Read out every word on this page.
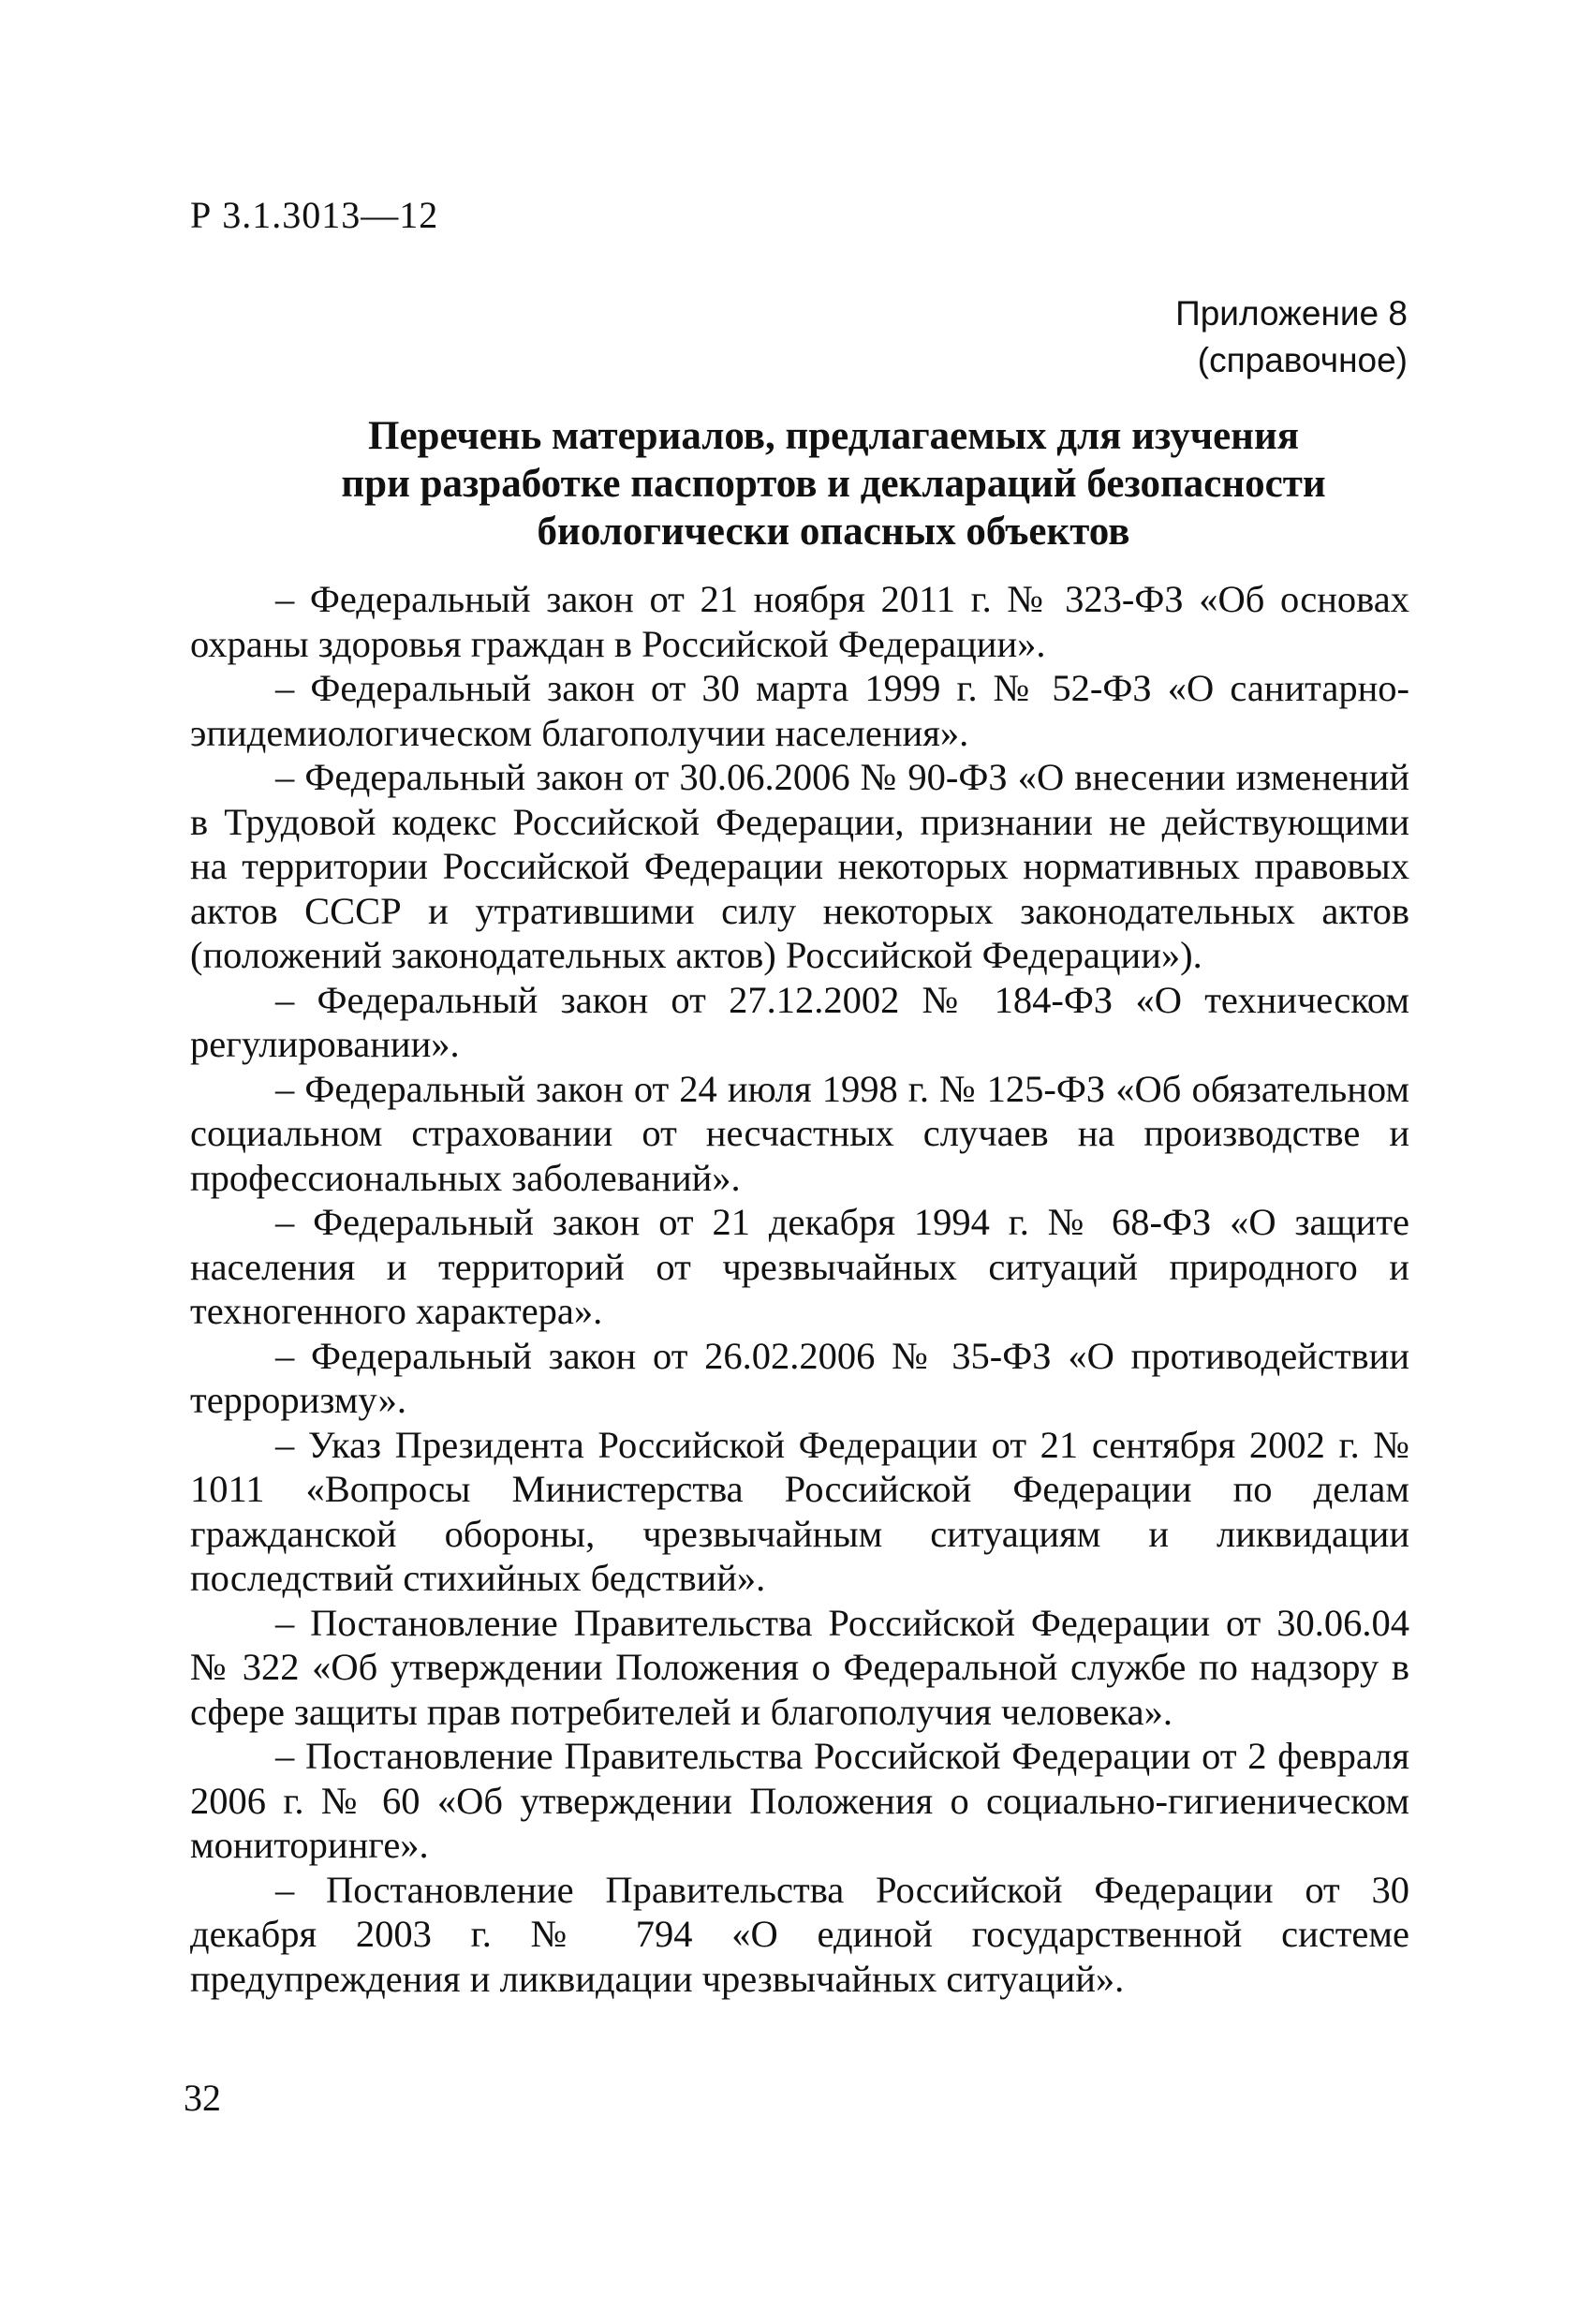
Р 3.1.3013—12
Приложение 8
(справочное)
Перечень материалов, предлагаемых для изучения
при разработке паспортов и деклараций безопасности
биологически опасных объектов
– Федеральный закон от 21 ноября 2011 г. № 323-ФЗ «Об основах охраны здоровья граждан в Российской Федерации».
– Федеральный закон от 30 марта 1999 г. № 52-ФЗ «О санитарно-эпидемиологическом благополучии населения».
– Федеральный закон от 30.06.2006 № 90-ФЗ «О внесении изменений в Трудовой кодекс Российской Федерации, признании не действующими на территории Российской Федерации некоторых нормативных правовых актов СССР и утратившими силу некоторых законодательных актов (положений законодательных актов) Российской Федерации»).
– Федеральный закон от 27.12.2002 № 184-ФЗ «О техническом регулировании».
– Федеральный закон от 24 июля 1998 г. № 125-ФЗ «Об обязательном социальном страховании от несчастных случаев на производстве и профессиональных заболеваний».
– Федеральный закон от 21 декабря 1994 г. № 68-ФЗ «О защите населения и территорий от чрезвычайных ситуаций природного и техногенного характера».
– Федеральный закон от 26.02.2006 № 35-ФЗ «О противодействии терроризму».
– Указ Президента Российской Федерации от 21 сентября 2002 г. № 1011 «Вопросы Министерства Российской Федерации по делам гражданской обороны, чрезвычайным ситуациям и ликвидации последствий стихийных бедствий».
– Постановление Правительства Российской Федерации от 30.06.04 № 322 «Об утверждении Положения о Федеральной службе по надзору в сфере защиты прав потребителей и благополучия человека».
– Постановление Правительства Российской Федерации от 2 февраля 2006 г. № 60 «Об утверждении Положения о социально-гигиеническом мониторинге».
– Постановление Правительства Российской Федерации от 30 декабря 2003 г. № 794 «О единой государственной системе предупреждения и ликвидации чрезвычайных ситуаций».
32
